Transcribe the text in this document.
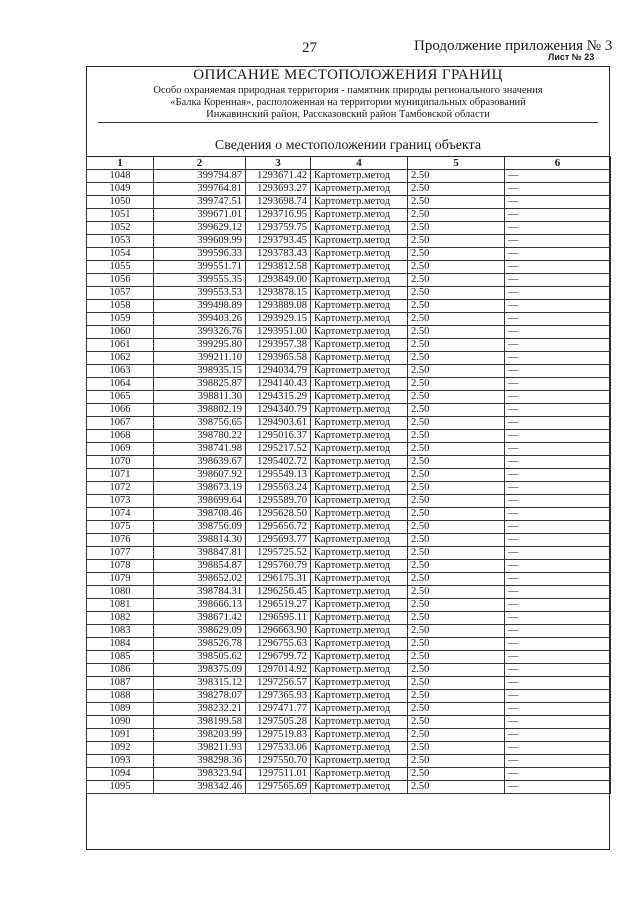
27	Продолжение приложения № 3
Лист № 23
ОПИСАНИЕ МЕСТОПОЛОЖЕНИЯ ГРАНИЦ
Особо охраняемая природная территория - памятник природы регионального значения
«Балка Коренная», расположенная на территории муниципальных образований
Инжавинский район, Рассказовский район Тамбовской области
Сведения о местоположении границ объекта
1	2	3	4	5	6
1048	399794.87	1293671.42	Картометр.метод	2.50	—
1049	399764.81	1293693.27	Картометр.метод	2.50	—
1050	399747.51	1293698.74	Картометр.метод	2.50	—
1051	399671.01	1293716.95	Картометр.метод	2.50	—
1052	399629.12	1293759.75	Картометр.метод	2.50	—
1053	399609.99	1293793.45	Картометр.метод	2.50	—
1054	399596.33	1293783.43	Картометр.метод	2.50	—
1055	399551.71	1293812.58	Картометр.метод	2.50	—
1056	399555.35	1293849.00	Картометр.метод	2.50	—
1057	399553.53	1293878.15	Картометр.метод	2.50	—
1058	399498.89	1293889.08	Картометр.метод	2.50	—
1059	399403.26	1293929.15	Картометр.метод	2.50	—
1060	399326.76	1293951.00	Картометр.метод	2.50	—
1061	399295.80	1293957.38	Картометр.метод	2.50	—
1062	399211.10	1293965.58	Картометр.метод	2.50	—
1063	398935.15	1294034.79	Картометр.метод	2.50	—
1064	398825.87	1294140.43	Картометр.метод	2.50	—
1065	398811.30	1294315.29	Картометр.метод	2.50	—
1066	398802.19	1294340.79	Картометр.метод	2.50	—
1067	398756.65	1294903.61	Картометр.метод	2.50	—
1068	398780.22	1295016.37	Картометр.метод	2.50	—
1069	398741.98	1295217.52	Картометр.метод	2.50	—
1070	398639.67	1295402.72	Картометр.метод	2.50	—
1071	398607.92	1295549.13	Картометр.метод	2.50	—
1072	398673.19	1295563.24	Картометр.метод	2.50	—
1073	398699.64	1295589.70	Картометр.метод	2.50	—
1074	398708.46	1295628.50	Картометр.метод	2.50	—
1075	398756.09	1295656.72	Картометр.метод	2.50	—
1076	398814.30	1295693.77	Картометр.метод	2.50	—
1077	398847.81	1295725.52	Картометр.метод	2.50	—
1078	398854.87	1295760.79	Картометр.метод	2.50	—
1079	398652.02	1296175.31	Картометр.метод	2.50	—
1080	398784.31	1296256.45	Картометр.метод	2.50	—
1081	398666.13	1296519.27	Картометр.метод	2.50	—
1082	398671.42	1296595.11	Картометр.метод	2.50	—
1083	398629.09	1296663.90	Картометр.метод	2.50	—
1084	398526.78	1296755.63	Картометр.метод	2.50	—
1085	398505.62	1296799.72	Картометр.метод	2.50	—
1086	398375.09	1297014.92	Картометр.метод	2.50	—
1087	398315.12	1297256.57	Картометр.метод	2.50	—
1088	398278.07	1297365.93	Картометр.метод	2.50	—
1089	398232.21	1297471.77	Картометр.метод	2.50	—
1090	398199.58	1297505.28	Картометр.метод	2.50	—
1091	398203.99	1297519.83	Картометр.метод	2.50	—
1092	398211.93	1297533.06	Картометр.метод	2.50	—
1093	398298.36	1297550.70	Картометр.метод	2.50	—
1094	398323.94	1297511.01	Картометр.метод	2.50	—
1095	398342.46	1297565.69	Картометр.метод	2.50	—
